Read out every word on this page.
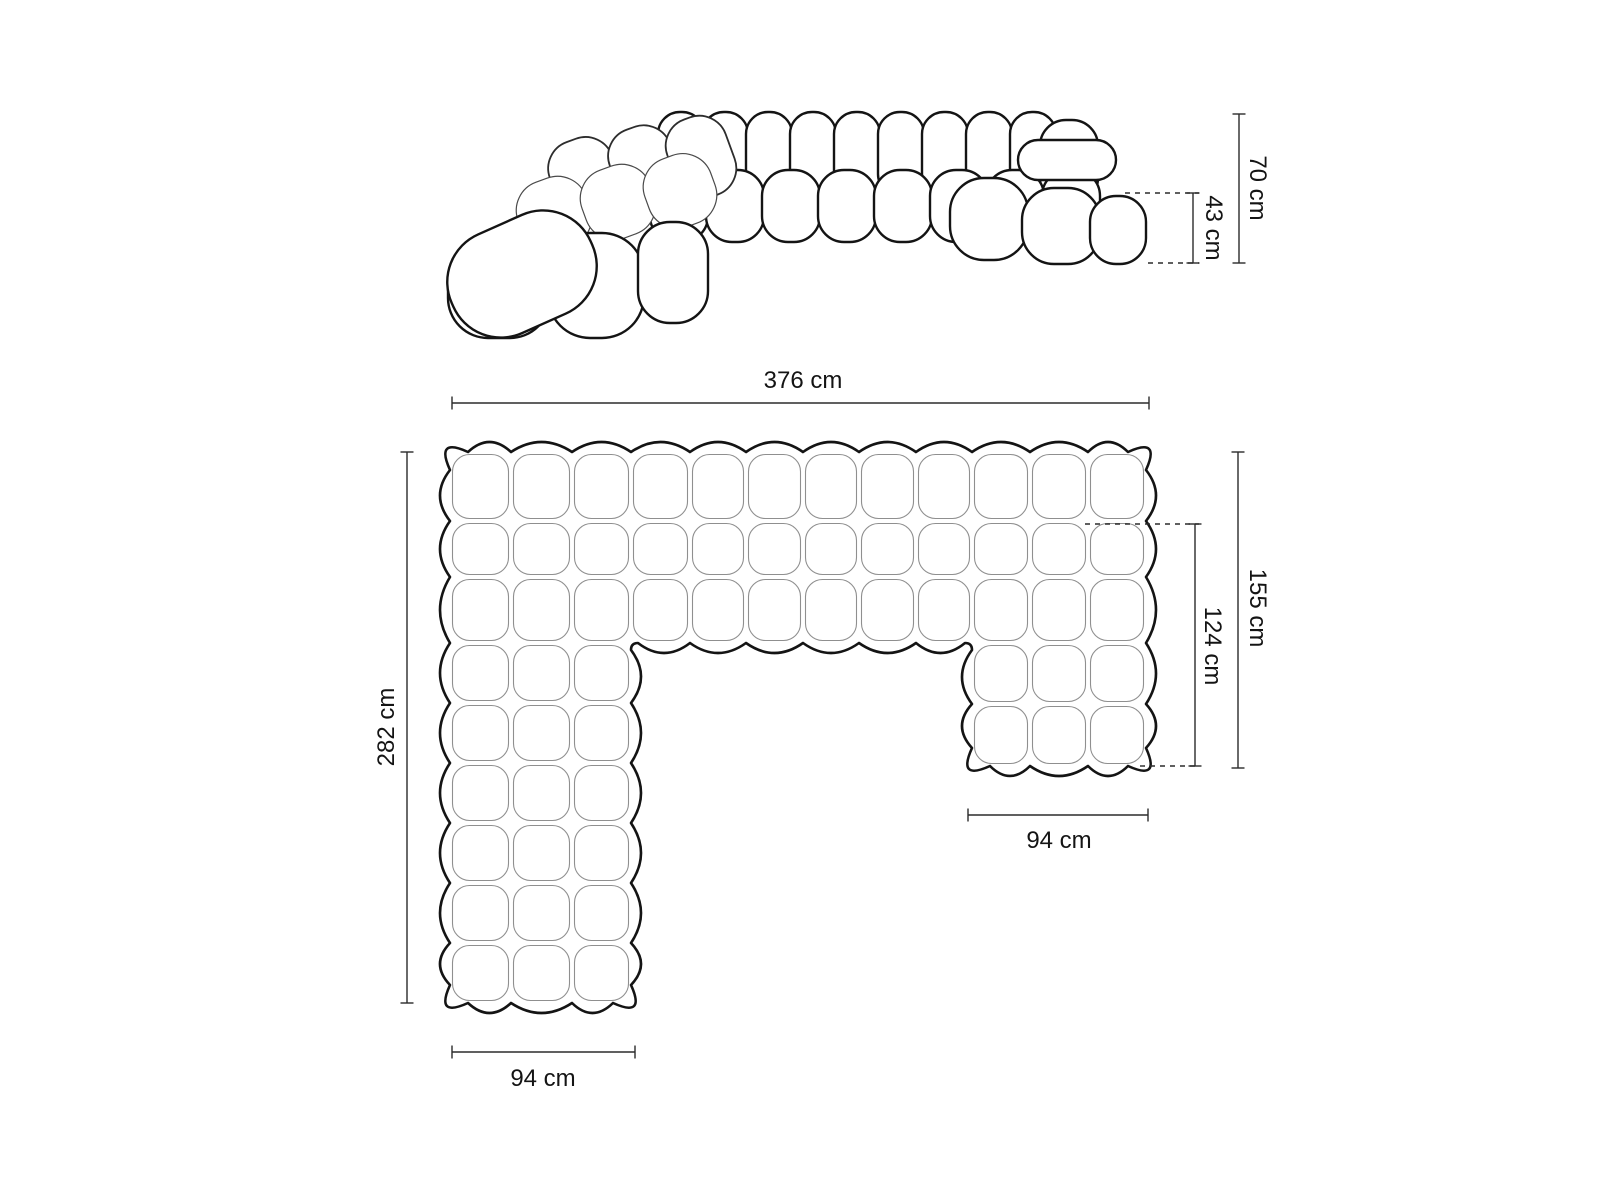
376 cm
282 cm
70 cm
43 cm
155 cm
124 cm
94 cm
94 cm
